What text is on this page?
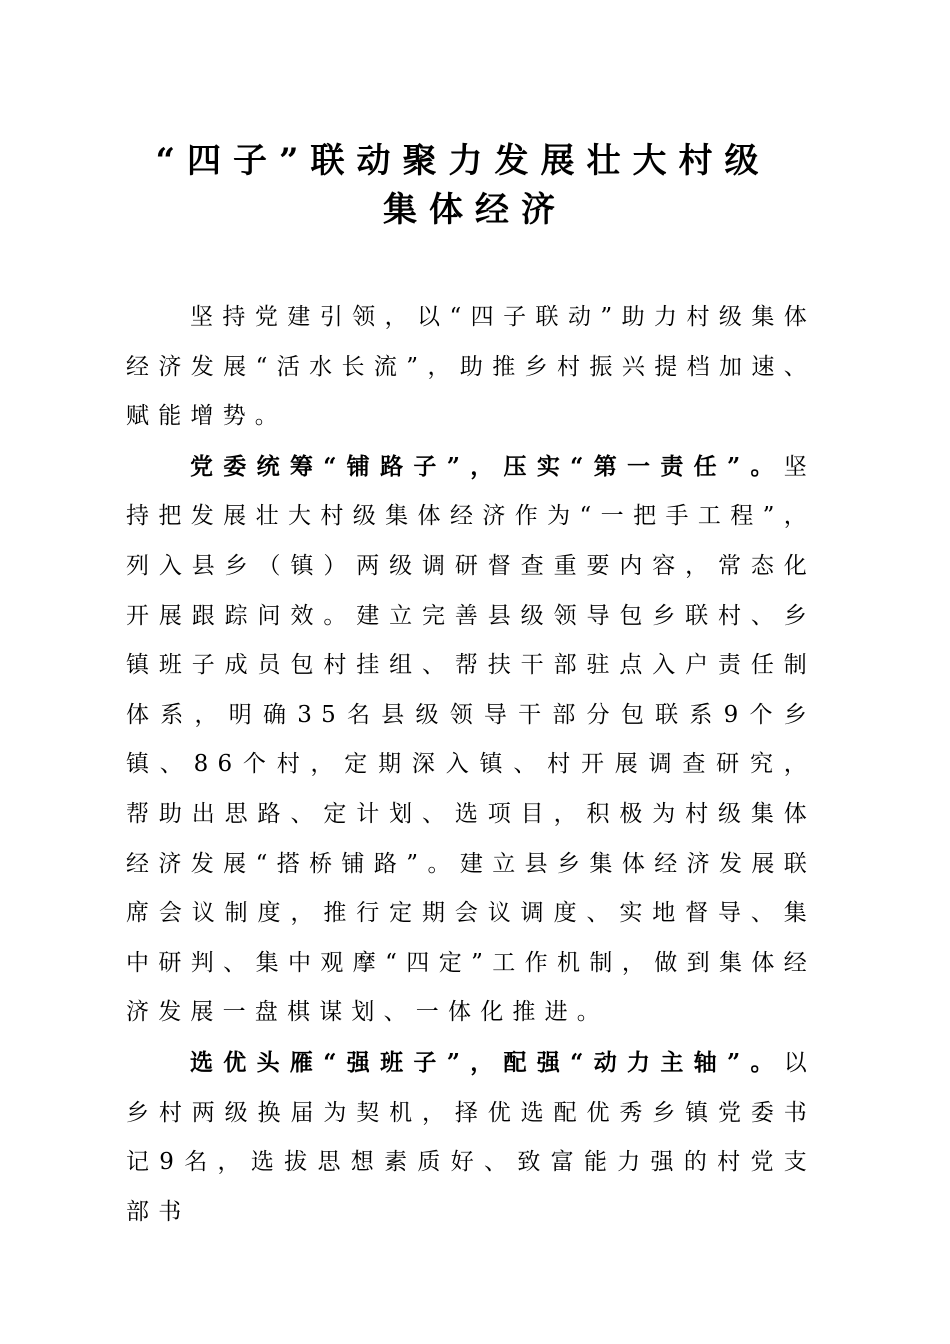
“四子”联动聚力发展壮大村级
集体经济

坚持党建引领，以“四子联动”助力村级集体经济发展“活水长流”，助推乡村振兴提档加速、赋能增势。

党委统筹“铺路子”，压实“第一责任”。坚持把发展壮大村级集体经济作为“一把手工程”，列入县乡（镇）两级调研督查重要内容，常态化开展跟踪问效。建立完善县级领导包乡联村、乡镇班子成员包村挂组、帮扶干部驻点入户责任制体系，明确35名县级领导干部分包联系9个乡镇、86个村，定期深入镇、村开展调查研究，帮助出思路、定计划、选项目，积极为村级集体经济发展“搭桥铺路”。建立县乡集体经济发展联席会议制度，推行定期会议调度、实地督导、集中研判、集中观摩“四定”工作机制，做到集体经济发展一盘棋谋划、一体化推进。

选优头雁“强班子”，配强“动力主轴”。以乡村两级换届为契机，择优选配优秀乡镇党委书记9名，选拔思想素质好、致富能力强的村党支部书
